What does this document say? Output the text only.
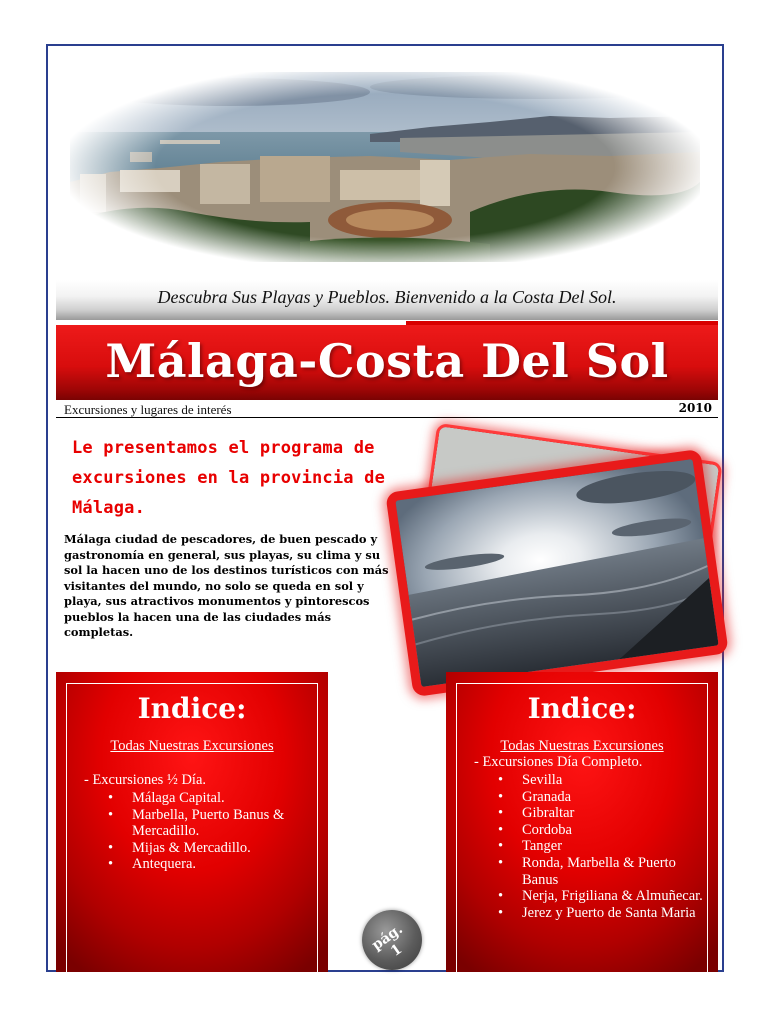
Descubra Sus Playas y Pueblos. Bienvenido a la Costa Del Sol.
Málaga-Costa Del Sol
Excursiones y lugares de interés	2010
Le presentamos el programa de excursiones en la provincia de Málaga.
Málaga ciudad de pescadores, de buen pescado y gastronomía en general, sus playas, su clima y su sol la hacen uno de los destinos turísticos con más visitantes del mundo, no solo se queda en sol y playa, sus atractivos monumentos y pintorescos pueblos la hacen una de las ciudades más completas.
Indice:
Todas Nuestras Excursiones
- Excursiones ½ Día.
• Málaga Capital.
• Marbella, Puerto Banus & Mercadillo.
• Mijas & Mercadillo.
• Antequera.
Indice:
Todas Nuestras Excursiones
- Excursiones Día Completo.
• Sevilla
• Granada
• Gibraltar
• Cordoba
• Tanger
• Ronda, Marbella & Puerto Banus
• Nerja, Frigiliana & Almuñecar.
• Jerez y Puerto de Santa Maria
pág. 1
